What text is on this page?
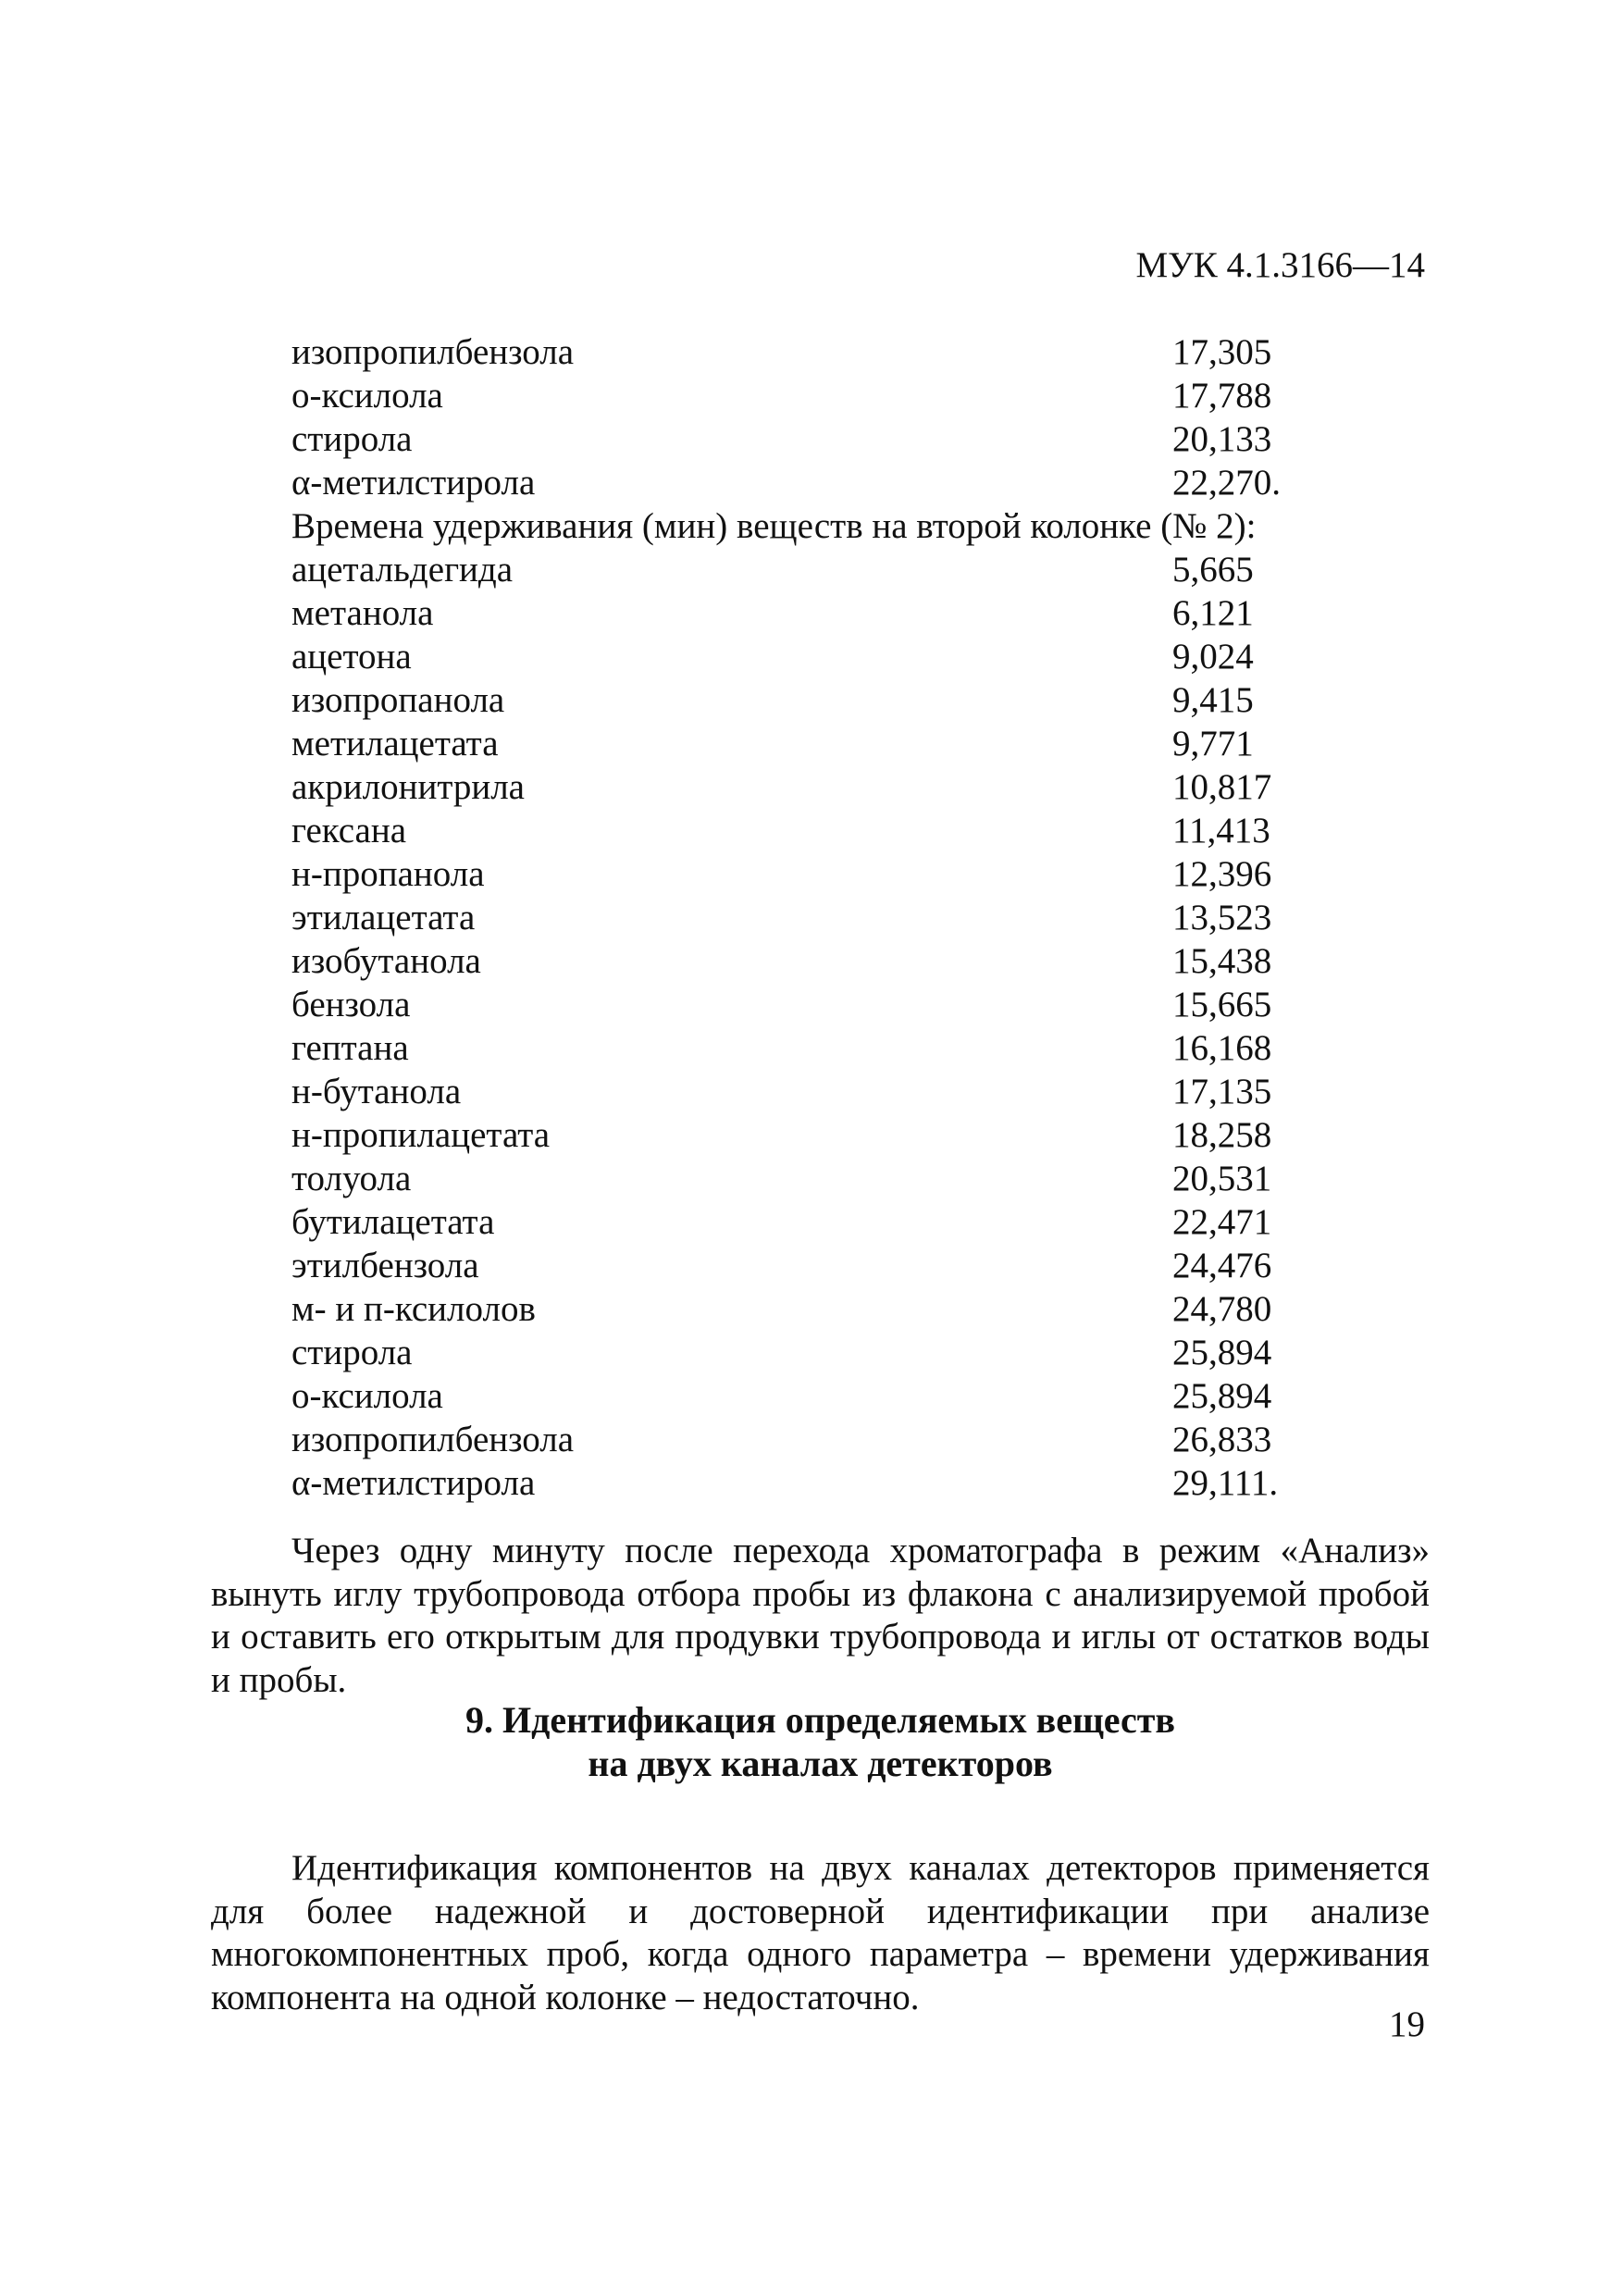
МУК 4.1.3166—14
изопропилбензола	17,305
о-ксилола	17,788
стирола	20,133
α-метилстирола	22,270.
Времена удерживания (мин) веществ на второй колонке (№ 2):
ацетальдегида	5,665
метанола	6,121
ацетона	9,024
изопропанола	9,415
метилацетата	9,771
акрилонитрила	10,817
гексана	11,413
н-пропанола	12,396
этилацетата	13,523
изобутанола	15,438
бензола	15,665
гептана	16,168
н-бутанола	17,135
н-пропилацетата	18,258
толуола	20,531
бутилацетата	22,471
этилбензола	24,476
м- и п-ксилолов	24,780
стирола	25,894
о-ксилола	25,894
изопропилбензола	26,833
α-метилстирола	29,111.

Через одну минуту после перехода хроматографа в режим «Анализ» вынуть иглу трубопровода отбора пробы из флакона с анализируемой пробой и оставить его открытым для продувки трубопровода и иглы от остатков воды и пробы.

9. Идентификация определяемых веществ
на двух каналах детекторов

Идентификация компонентов на двух каналах детекторов применяется для более надежной и достоверной идентификации при анализе многокомпонентных проб, когда одного параметра – времени удерживания компонента на одной колонке – недостаточно.

19
